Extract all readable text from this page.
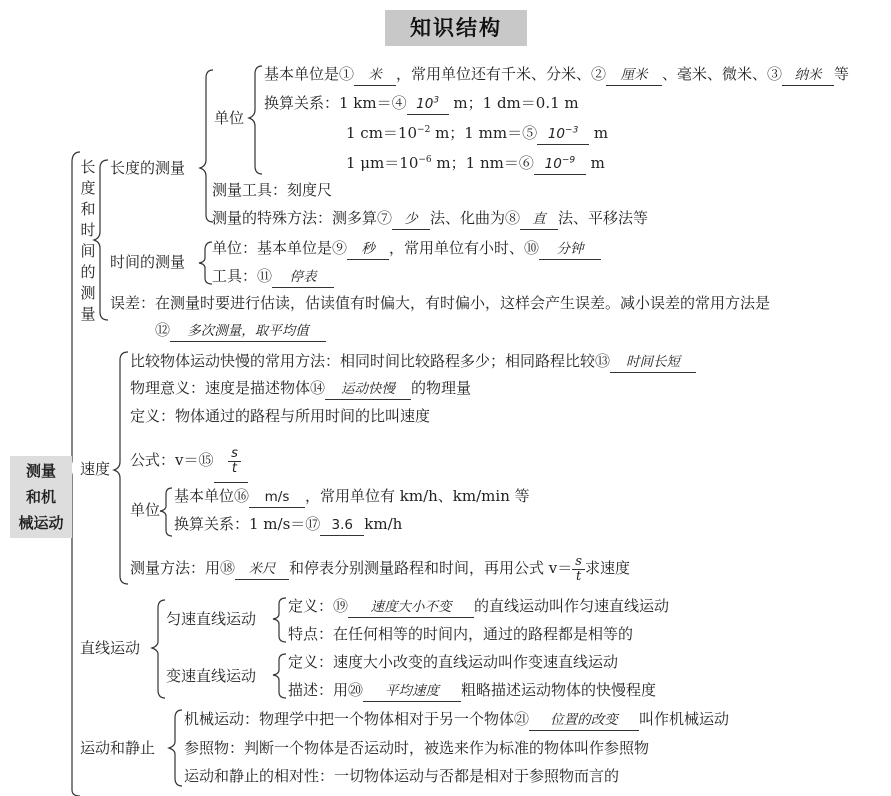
知识结构
测量
和机
械运动
长
度
和
时
间
的
测
量
长度的测量
单位
基本单位是① 米 ，常用单位还有千米、分米、② 厘米 、毫米、微米、③ 纳米 等
换算关系：1 km＝④ $10^3$ m；1 dm＝0.1 m
1 $cm=10^{-2}$ m；1 mm＝⑤ $10^{-3}$ m
1 $\mu m=10^{-6}$ m；1 nm＝⑥ $10^{-9}$ m
测量工具：刻度尺
测量的特殊方法：测多算⑦ 少 法、化曲为⑧ 直 法、平移法等
时间的测量
单位：基本单位是⑨ 秒 ，常用单位有小时、⑩ 分钟
工具：⑪ 停表
误差：在测量时要进行估读，估读值有时偏大，有时偏小，这样会产生误差。减小误差的常用方法是
⑫ 多次测量，取平均值
速度
比较物体运动快慢的常用方法：相同时间比较路程多少；相同路程比较⑬ 时间长短
物理意义：速度是描述物体⑭ 运动快慢 的物理量
定义：物体通过的路程与所用时间的比叫速度
公式：v＝⑮ $\frac{s}{t}$
单位
基本单位⑯ m/s ，常用单位有 km/h、km/min 等
换算关系：1 m/s＝⑰ 3.6 km/h
测量方法：用⑱ 米尺 和停表分别测量路程和时间，再用公式 $v= \frac{s}{t}$ 求速度
直线运动
匀速直线运动
定义：⑲ 速度大小不变 的直线运动叫作匀速直线运动
特点：在任何相等的时间内，通过的路程都是相等的
变速直线运动
定义：速度大小改变的直线运动叫作变速直线运动
描述：用⑳ 平均速度 粗略描述运动物体的快慢程度
运动和静止
机械运动：物理学中把一个物体相对于另一个物体㉑ 位置的改变 叫作机械运动
参照物：判断一个物体是否运动时，被选来作为标准的物体叫作参照物
运动和静止的相对性：一切物体运动与否都是相对于参照物而言的
